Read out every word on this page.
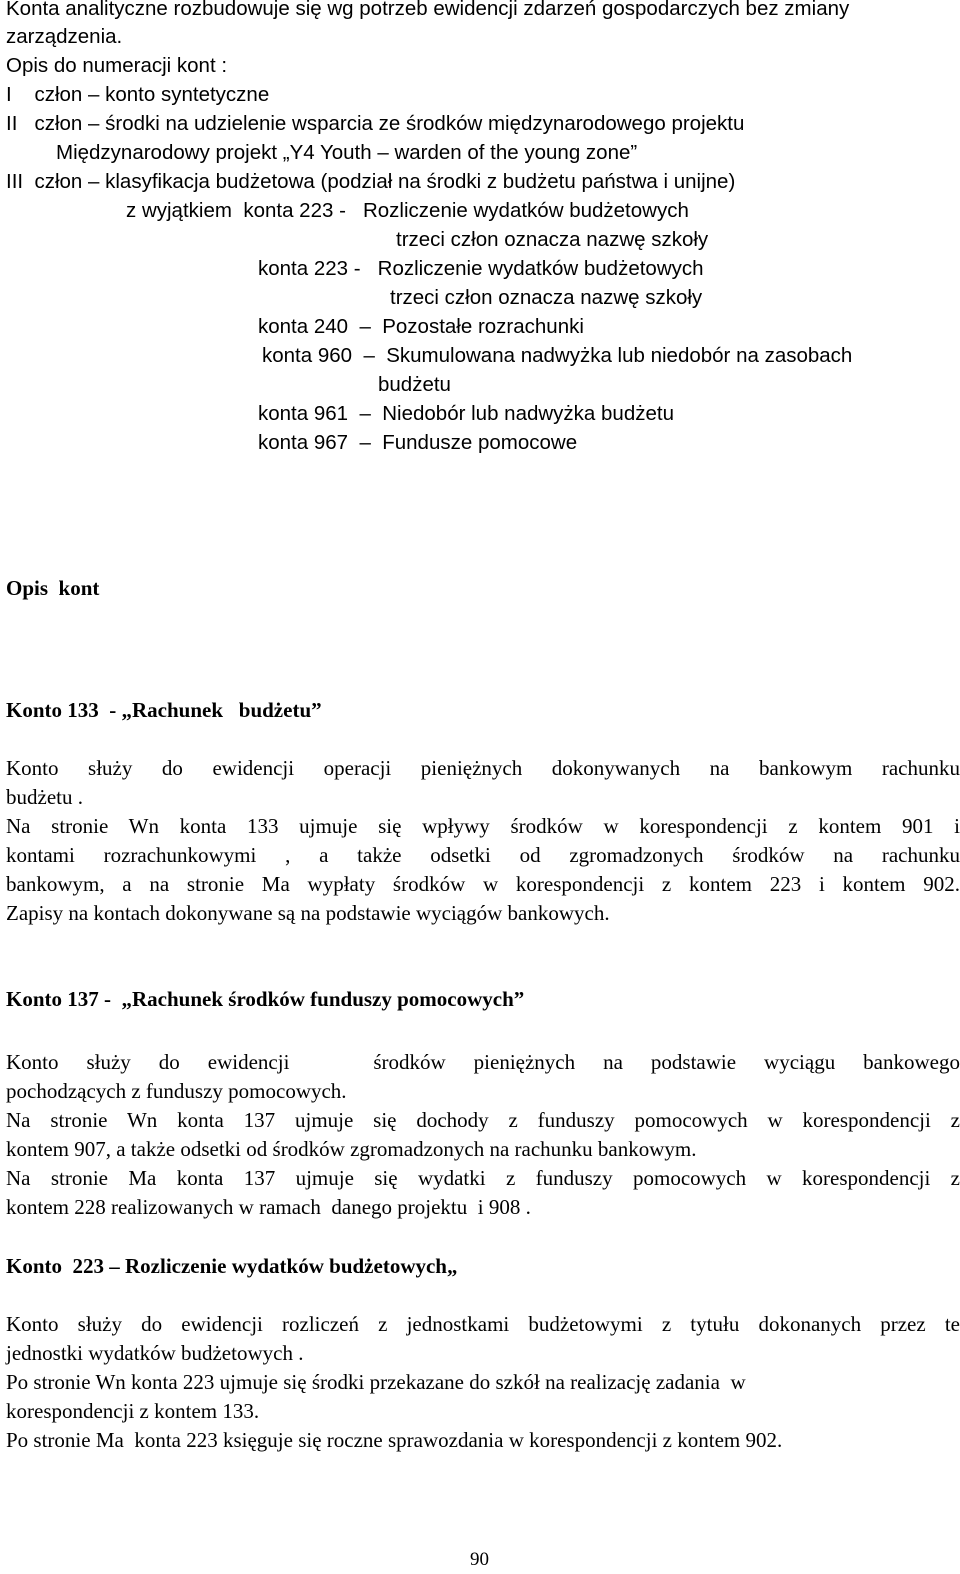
Konta analityczne rozbudowuje się wg potrzeb ewidencji zdarzeń gospodarczych bez zmiany
zarządzenia.
Opis do numeracji kont :
I    człon – konto syntetyczne
II   człon – środki na udzielenie wsparcia ze środków międzynarodowego projektu
Międzynarodowy projekt „Y4 Youth – warden of the young zone”
III  człon – klasyfikacja budżetowa (podział na środki z budżetu państwa i unijne)
z wyjątkiem  konta 223 -   Rozliczenie wydatków budżetowych
trzeci człon oznacza nazwę szkoły
konta 223 -   Rozliczenie wydatków budżetowych
trzeci człon oznacza nazwę szkoły
konta 240  –  Pozostałe rozrachunki
konta 960  –  Skumulowana nadwyżka lub niedobór na zasobach
budżetu
konta 961  –  Niedobór lub nadwyżka budżetu
konta 967  –  Fundusze pomocowe
Opis  kont
Konto 133  - „Rachunek   budżetu”
Konto służy do ewidencji operacji pieniężnych dokonywanych na bankowym rachunku
budżetu .
Na stronie Wn konta 133 ujmuje się wpływy środków w korespondencji z kontem 901 i
kontami rozrachunkowymi , a także odsetki od zgromadzonych środków na rachunku
bankowym, a na stronie Ma wypłaty środków w korespondencji z kontem 223 i kontem 902.
Zapisy na kontach dokonywane są na podstawie wyciągów bankowych.
Konto 137 -  „Rachunek środków funduszy pomocowych”
Konto służy do ewidencji   środków pieniężnych na podstawie wyciągu bankowego
pochodzących z funduszy pomocowych.
Na stronie Wn konta 137 ujmuje się dochody z funduszy pomocowych w korespondencji z
kontem 907, a także odsetki od środków zgromadzonych na rachunku bankowym.
Na stronie Ma konta 137 ujmuje się wydatki z funduszy pomocowych w korespondencji z
kontem 228 realizowanych w ramach  danego projektu  i 908 .
Konto  223 – Rozliczenie wydatków budżetowych„
Konto służy do ewidencji rozliczeń z jednostkami budżetowymi z tytułu dokonanych przez te
jednostki wydatków budżetowych .
Po stronie Wn konta 223 ujmuje się środki przekazane do szkół na realizację zadania  w
korespondencji z kontem 133.
Po stronie Ma  konta 223 księguje się roczne sprawozdania w korespondencji z kontem 902.
90
